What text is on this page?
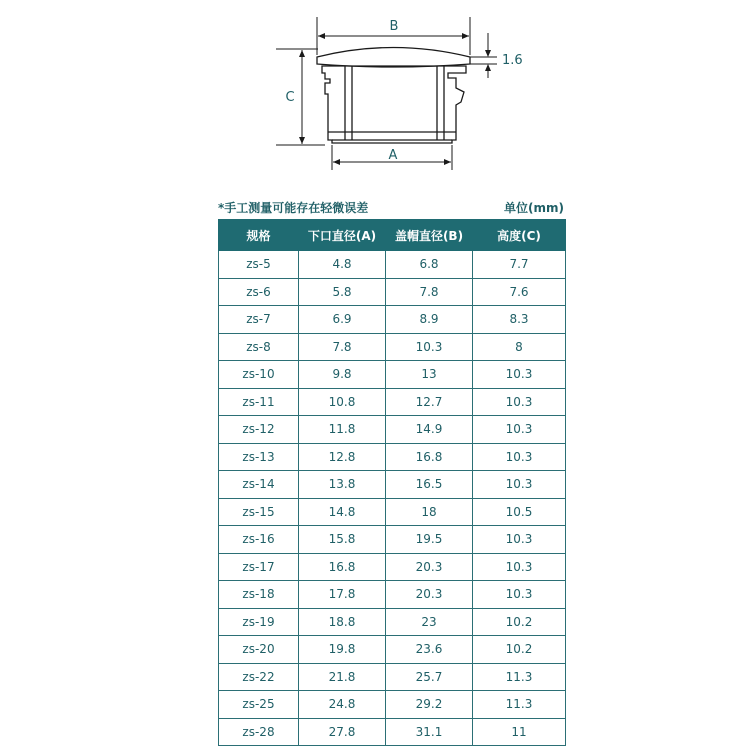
B
C
A
1.6
*手工测量可能存在轻微误差	单位(mm)
规格	下口直径(A)	盖帽直径(B)	高度(C)
zs-5	4.8	6.8	7.7
zs-6	5.8	7.8	7.6
zs-7	6.9	8.9	8.3
zs-8	7.8	10.3	8
zs-10	9.8	13	10.3
zs-11	10.8	12.7	10.3
zs-12	11.8	14.9	10.3
zs-13	12.8	16.8	10.3
zs-14	13.8	16.5	10.3
zs-15	14.8	18	10.5
zs-16	15.8	19.5	10.3
zs-17	16.8	20.3	10.3
zs-18	17.8	20.3	10.3
zs-19	18.8	23	10.2
zs-20	19.8	23.6	10.2
zs-22	21.8	25.7	11.3
zs-25	24.8	29.2	11.3
zs-28	27.8	31.1	11
